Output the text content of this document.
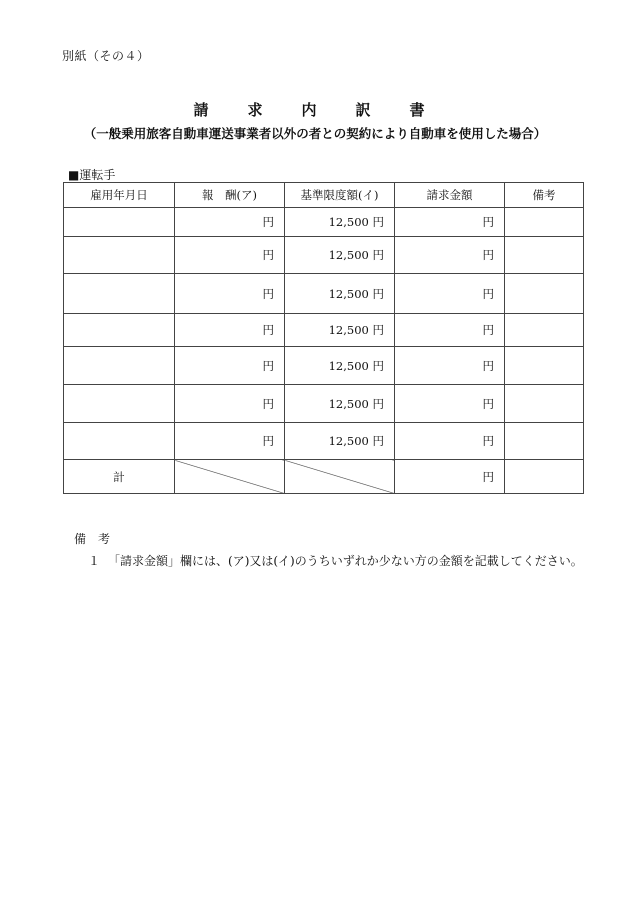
別紙（その４）
請　求　内　訳　書
（一般乗用旅客自動車運送事業者以外の者との契約により自動車を使用した場合）
■運転手
雇用年月日	報　酬(ア)	基準限度額(イ)	請求金額	備考
	円	12,500 円	円	
	円	12,500 円	円	
	円	12,500 円	円	
	円	12,500 円	円	
	円	12,500 円	円	
	円	12,500 円	円	
	円	12,500 円	円	
計			円	
備　考
１ 「請求金額」欄には、(ア)又は(イ)のうちいずれか少ない方の金額を記載してください。
